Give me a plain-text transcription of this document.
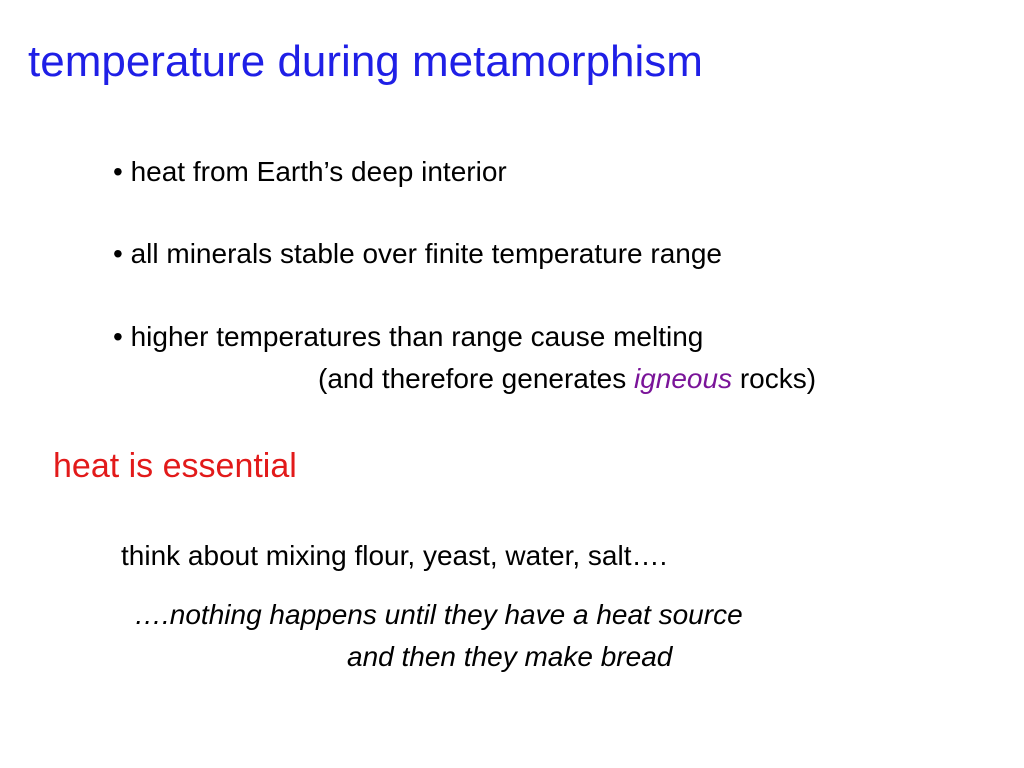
temperature during metamorphism
• heat from Earth’s deep interior
• all minerals stable over finite temperature range
• higher temperatures than range cause melting
(and therefore generates igneous rocks)
heat is essential
think about mixing flour, yeast, water, salt….
….nothing happens until they have a heat source
and then they make bread
